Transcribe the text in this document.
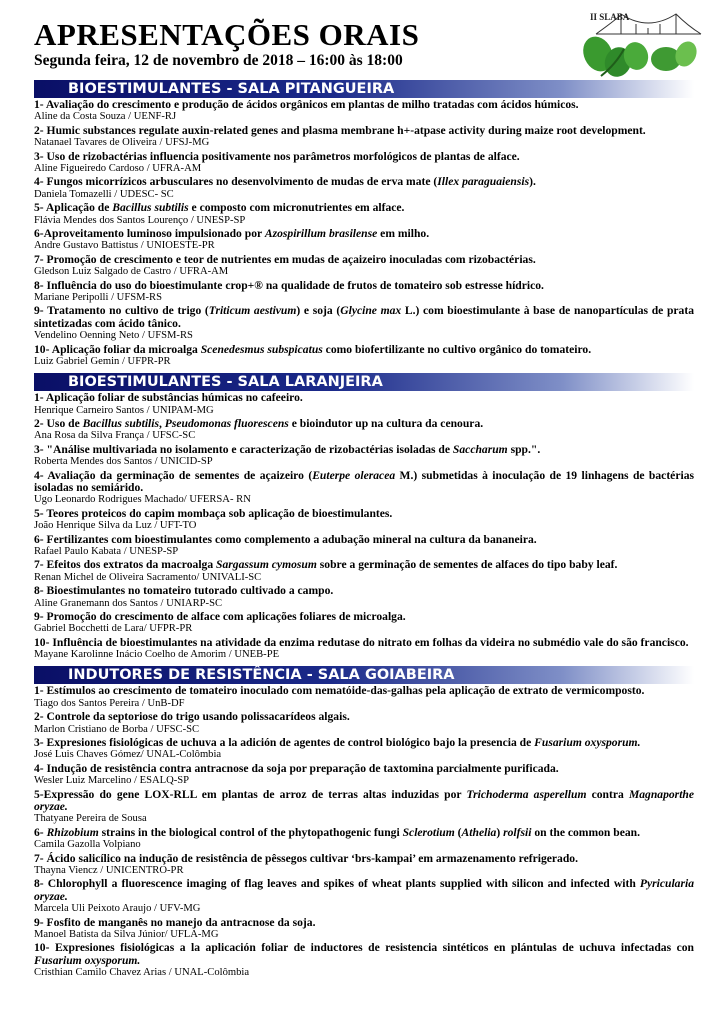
APRESENTAÇÕES ORAIS
Segunda feira, 12 de novembro de 2018 – 16:00 às 18:00
II SLABA
BIOESTIMULANTES - SALA PITANGUEIRA
1- Avaliação do crescimento e produção de ácidos orgânicos em plantas de milho tratadas com ácidos húmicos.
Aline da Costa Souza / UENF-RJ
2- Humic substances regulate auxin-related genes and plasma membrane h+-atpase activity during maize root development.
Natanael Tavares de Oliveira / UFSJ-MG
3- Uso de rizobactérias influencia positivamente nos parâmetros morfológicos de plantas de alface.
Aline Figueiredo Cardoso / UFRA-AM
4- Fungos micorrízicos arbusculares no desenvolvimento de mudas de erva mate (Illex paraguaiensis).
Daniela Tomazelli / UDESC- SC
5- Aplicação de Bacillus subtilis e composto com micronutrientes em alface.
Flávia Mendes dos Santos Lourenço / UNESP-SP
6-Aproveitamento luminoso impulsionado por Azospirillum brasilense em milho.
Andre Gustavo Battistus / UNIOESTE-PR
7- Promoção de crescimento e teor de nutrientes em mudas de açaizeiro inoculadas com rizobactérias.
Gledson Luiz Salgado de Castro / UFRA-AM
8- Influência do uso do bioestimulante crop+® na qualidade de frutos de tomateiro sob estresse hídrico.
Mariane Peripolli / UFSM-RS
9- Tratamento no cultivo de trigo (Triticum aestivum) e soja (Glycine max L.) com bioestimulante à base de nanopartículas de prata sintetizadas com ácido tânico.
Vendelino Oenning Neto / UFSM-RS
10- Aplicação foliar da microalga Scenedesmus subspicatus como biofertilizante no cultivo orgânico do tomateiro.
Luiz Gabriel Gemin / UFPR-PR
BIOESTIMULANTES - SALA LARANJEIRA
1- Aplicação foliar de substâncias húmicas no cafeeiro.
Henrique Carneiro Santos / UNIPAM-MG
2- Uso de Bacillus subtilis, Pseudomonas fluorescens e bioindutor up na cultura da cenoura.
Ana Rosa da Silva França / UFSC-SC
3- "Análise multivariada no isolamento e caracterização de rizobactérias isoladas de Saccharum spp.".
Roberta Mendes dos Santos / UNICID-SP
4- Avaliação da germinação de sementes de açaizeiro (Euterpe oleracea M.) submetidas à inoculação de 19 linhagens de bactérias isoladas no semiárido.
Ugo Leonardo Rodrigues Machado/ UFERSA- RN
5- Teores proteicos do capim mombaça sob aplicação de bioestimulantes.
João Henrique Silva da Luz / UFT-TO
6- Fertilizantes com bioestimulantes como complemento a adubação mineral na cultura da bananeira.
Rafael Paulo Kabata / UNESP-SP
7- Efeitos dos extratos da macroalga Sargassum cymosum sobre a germinação de sementes de alfaces do tipo baby leaf.
Renan Michel de Oliveira Sacramento/ UNIVALI-SC
8- Bioestimulantes no tomateiro tutorado cultivado a campo.
Aline Granemann dos Santos / UNIARP-SC
9- Promoção do crescimento de alface com aplicações foliares de microalga.
Gabriel Bocchetti de Lara/ UFPR-PR
10- Influência de bioestimulantes na atividade da enzima redutase do nitrato em folhas da videira no submédio vale do são francisco.
Mayane Karolinne Inácio Coelho de Amorim / UNEB-PE
INDUTORES DE RESISTÊNCIA - SALA GOIABEIRA
1- Estímulos ao crescimento de tomateiro inoculado com nematóide-das-galhas pela aplicação de extrato de vermicomposto.
Tiago dos Santos Pereira / UnB-DF
2- Controle da septoriose do trigo usando polissacarídeos algais.
Marlon Cristiano de Borba / UFSC-SC
3- Expresiones fisiológicas de uchuva a la adición de agentes de control biológico bajo la presencia de Fusarium oxysporum.
José Luis Chaves Gómez/ UNAL-Colômbia
4- Indução de resistência contra antracnose da soja por preparação de taxtomina parcialmente purificada.
Wesler Luiz Marcelino / ESALQ-SP
5-Expressão do gene LOX-RLL em plantas de arroz de terras altas induzidas por Trichoderma asperellum contra Magnaporthe oryzae.
Thatyane Pereira de Sousa
6- Rhizobium strains in the biological control of the phytopathogenic fungi Sclerotium (Athelia) rolfsii on the common bean.
Camila Gazolla Volpiano
7- Ácido salicílico na indução de resistência de pêssegos cultivar ‘brs-kampai’ em armazenamento refrigerado.
Thayna Viencz / UNICENTRO-PR
8- Chlorophyll a fluorescence imaging of flag leaves and spikes of wheat plants supplied with silicon and infected with Pyricularia oryzae.
Marcela Uli Peixoto Araujo / UFV-MG
9- Fosfito de manganês no manejo da antracnose da soja.
Manoel Batista da Silva Júnior/ UFLA-MG
10- Expresiones fisiológicas a la aplicación foliar de inductores de resistencia sintéticos en plántulas de uchuva infectadas con Fusarium oxysporum.
Cristhian Camilo Chavez Arias / UNAL-Colômbia
